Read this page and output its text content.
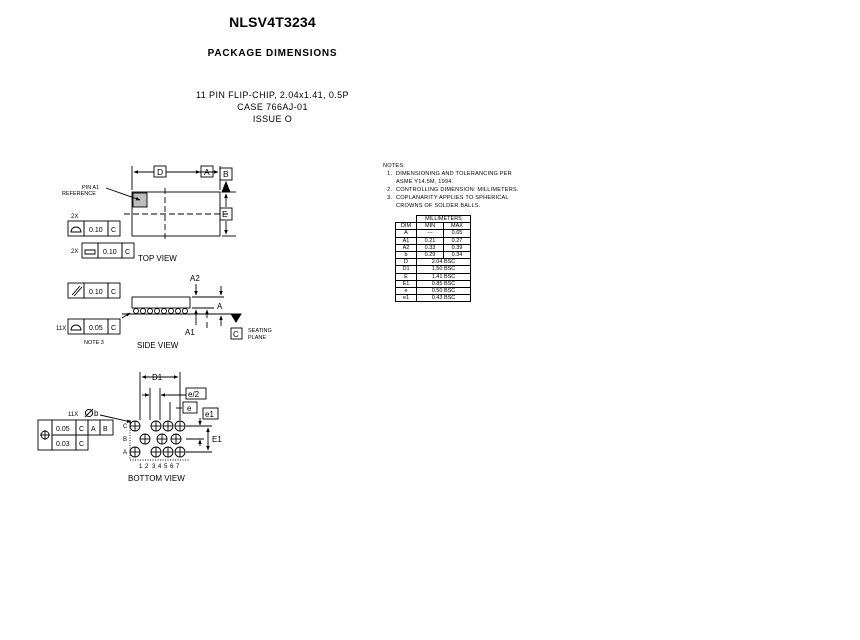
NLSV4T3234
PACKAGE DIMENSIONS
11 PIN FLIP-CHIP, 2.04x1.41, 0.5P
CASE 766AJ-01
ISSUE O
D	A B
E
PIN A1
REFERENCE
2X
0.10 C
2X	0.10 C
TOP VIEW
0.10 C
A2
A
A1	C SEATING
PLANE
11X	0.05 C
NOTE 3	SIDE VIEW
D1
e/2
e
e1
E1
11X b
0.05 C A B
0.03 C
C
B
A
1 2 3 4 5 6 7
BOTTOM VIEW
NOTES:
1. DIMENSIONING AND TOLERANCING PER
ASME Y14.5M, 1994.
2. CONTROLLING DIMENSION: MILLIMETERS.
3. COPLANARITY APPLIES TO SPHERICAL
CROWNS OF SOLDER BALLS.
	MILLIMETERS	
DIM	MIN	MAX
A	---	0.65
A1	0.21	0.27
A2	0.33	0.39
b	0.29	0.34
D	2.04 BSC	
D1	1.50 BSC	
E	1.41 BSC	
E1	0.85 BSC	
e	0.50 BSC	
e1	0.43 BSC	
